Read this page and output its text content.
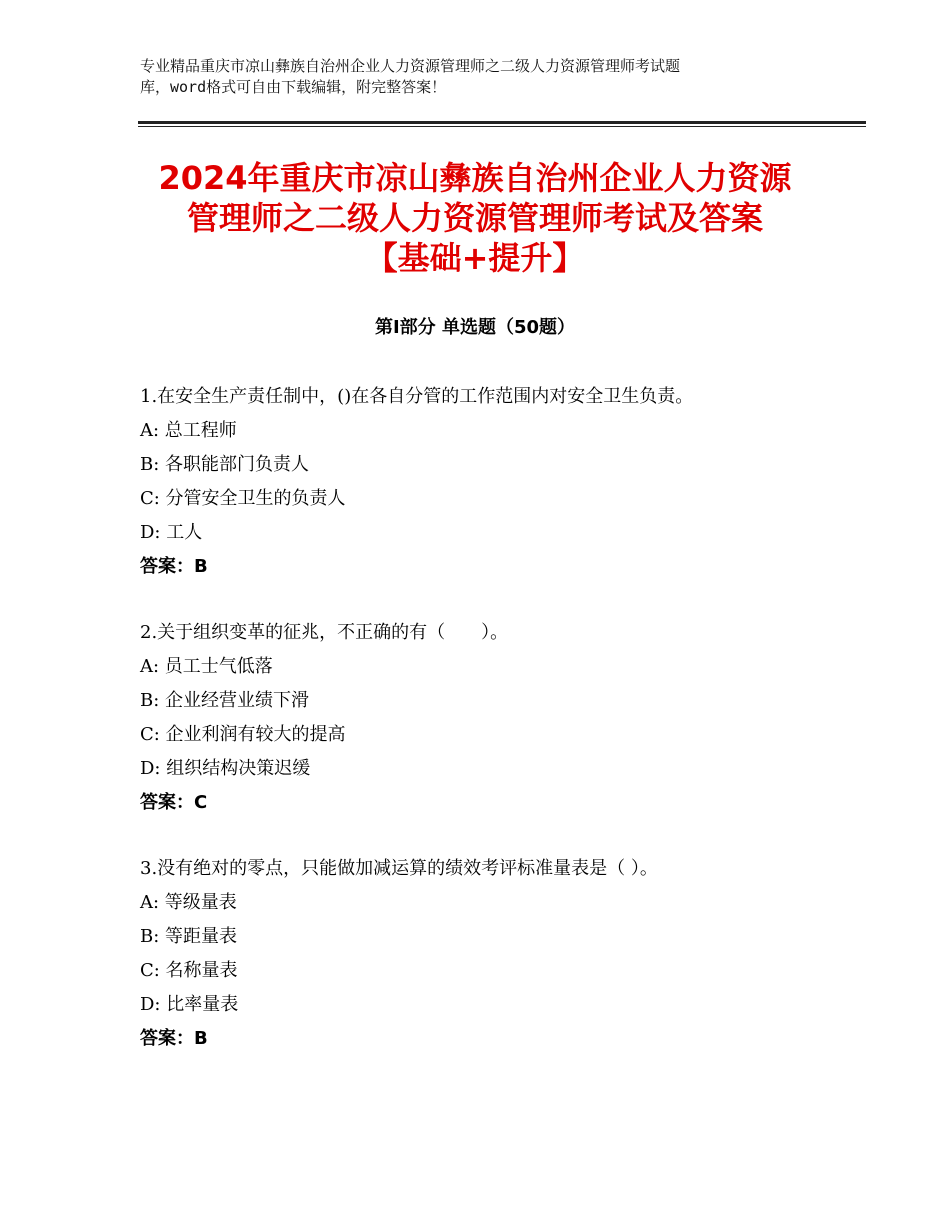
专业精品重庆市凉山彝族自治州企业人力资源管理师之二级人力资源管理师考试题
库，word格式可自由下载编辑，附完整答案！
2024年重庆市凉山彝族自治州企业人力资源
管理师之二级人力资源管理师考试及答案
【基础+提升】
第Ⅰ部分 单选题（50题）
1.在安全生产责任制中，()在各自分管的工作范围内对安全卫生负责。
A: 总工程师
B: 各职能部门负责人
C: 分管安全卫生的负责人
D: 工人
答案：B
2.关于组织变革的征兆，不正确的有（　　）。
A: 员工士气低落
B: 企业经营业绩下滑
C: 企业利润有较大的提高
D: 组织结构决策迟缓
答案：C
3.没有绝对的零点，只能做加减运算的绩效考评标准量表是（ ）。
A: 等级量表
B: 等距量表
C: 名称量表
D: 比率量表
答案：B
